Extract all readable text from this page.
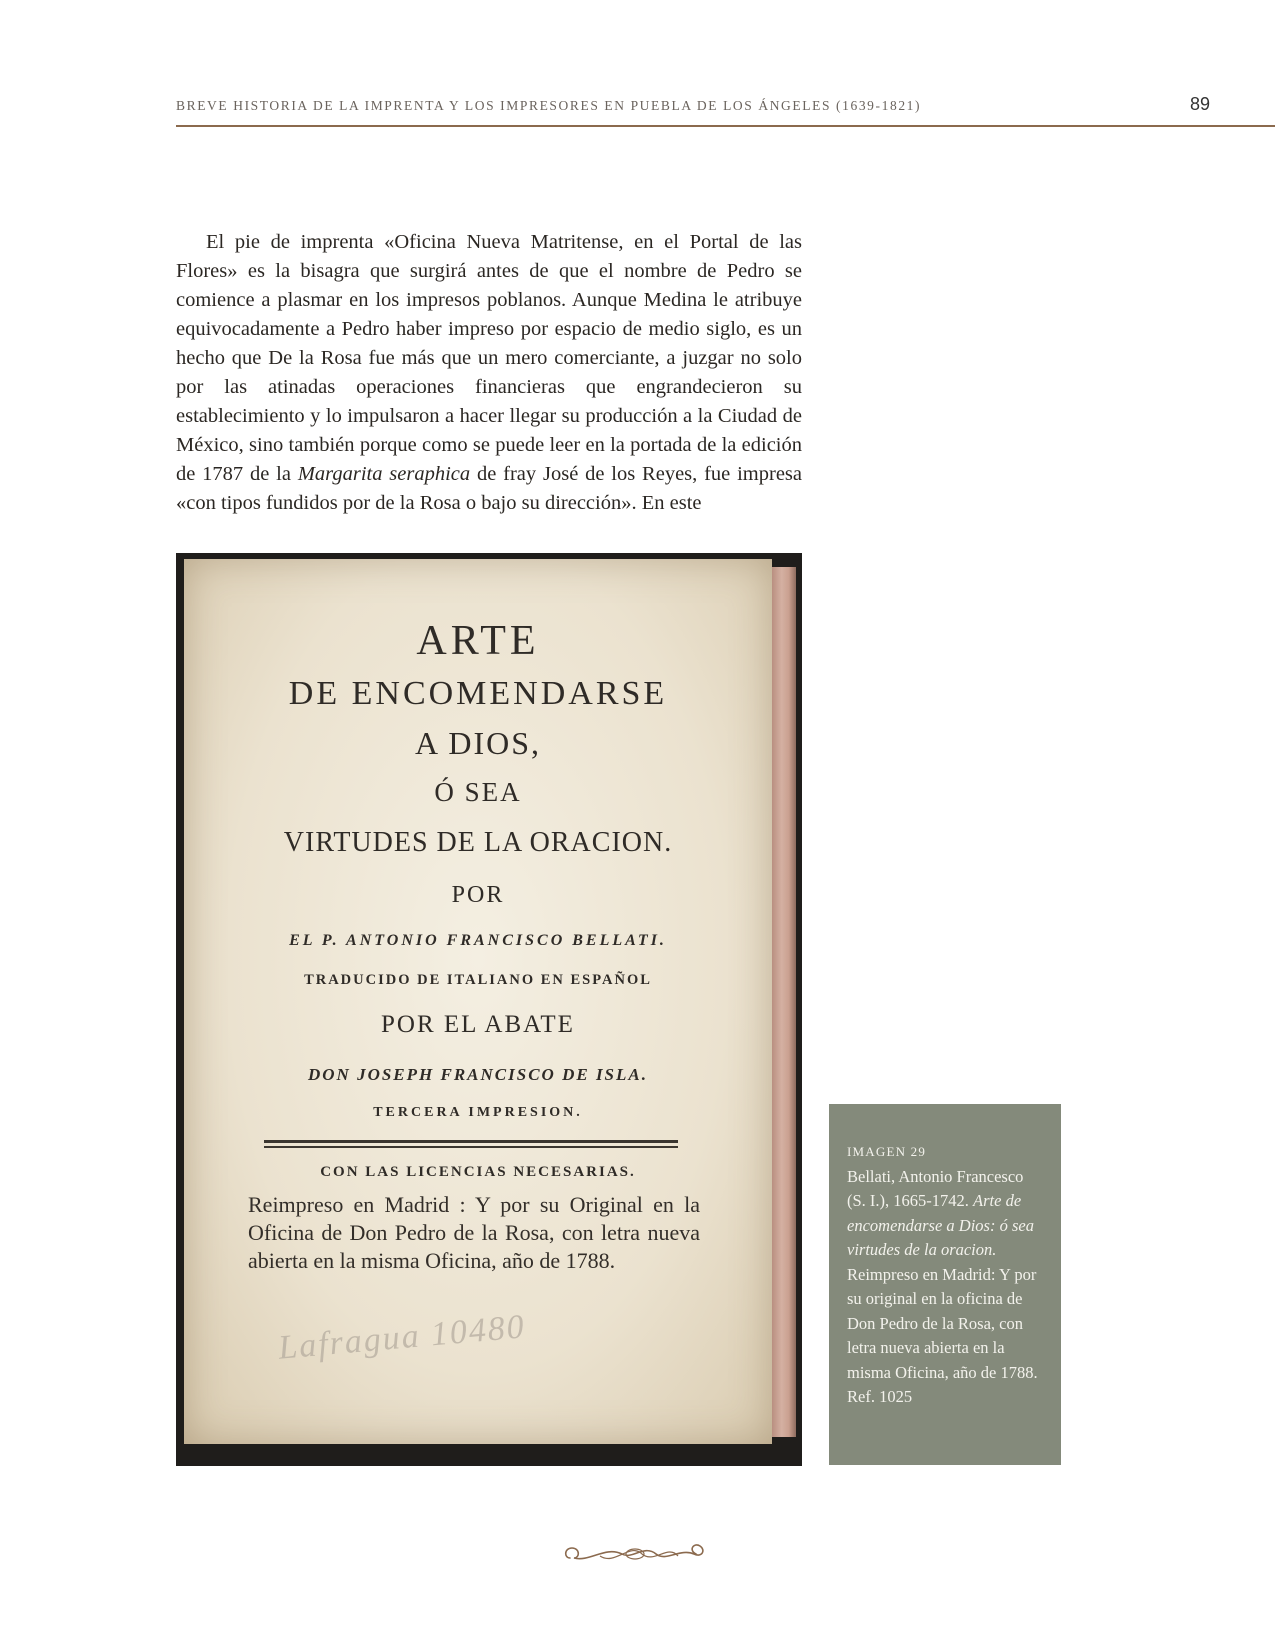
BREVE HISTORIA DE LA IMPRENTA Y LOS IMPRESORES EN PUEBLA DE LOS ÁNGELES (1639-1821)	89

El pie de imprenta «Oficina Nueva Matritense, en el Portal de las Flores» es la bisagra que surgirá antes de que el nombre de Pedro se comience a plasmar en los impresos poblanos. Aunque Medina le atribuye equivocadamente a Pedro haber impreso por espacio de medio siglo, es un hecho que De la Rosa fue más que un mero comerciante, a juzgar no solo por las atinadas operaciones financieras que engrandecieron su establecimiento y lo impulsaron a hacer llegar su producción a la Ciudad de México, sino también porque como se puede leer en la portada de la edición de 1787 de la Margarita seraphica de fray José de los Reyes, fue impresa «con tipos fundidos por de la Rosa o bajo su dirección». En este

ARTE
DE ENCOMENDARSE
A DIOS,
Ó SEA
VIRTUDES DE LA ORACION.
POR
EL P. ANTONIO FRANCISCO BELLATI.
TRADUCIDO DE ITALIANO EN ESPAÑOL
POR EL ABATE
DON JOSEPH FRANCISCO DE ISLA.
TERCERA IMPRESION.
CON LAS LICENCIAS NECESARIAS.
Reimpreso en Madrid : Y por su Original en la Oficina de Don Pedro de la Rosa, con letra nueva abierta en la misma Oficina, año de 1788.
Lafragua 10480
IMAGEN 29
Bellati, Antonio Francesco (S. I.), 1665-1742. Arte de encomendarse a Dios: ó sea virtudes de la oracion. Reimpreso en Madrid: Y por su original en la oficina de Don Pedro de la Rosa, con letra nueva abierta en la misma Oficina, año de 1788.
Ref. 1025
